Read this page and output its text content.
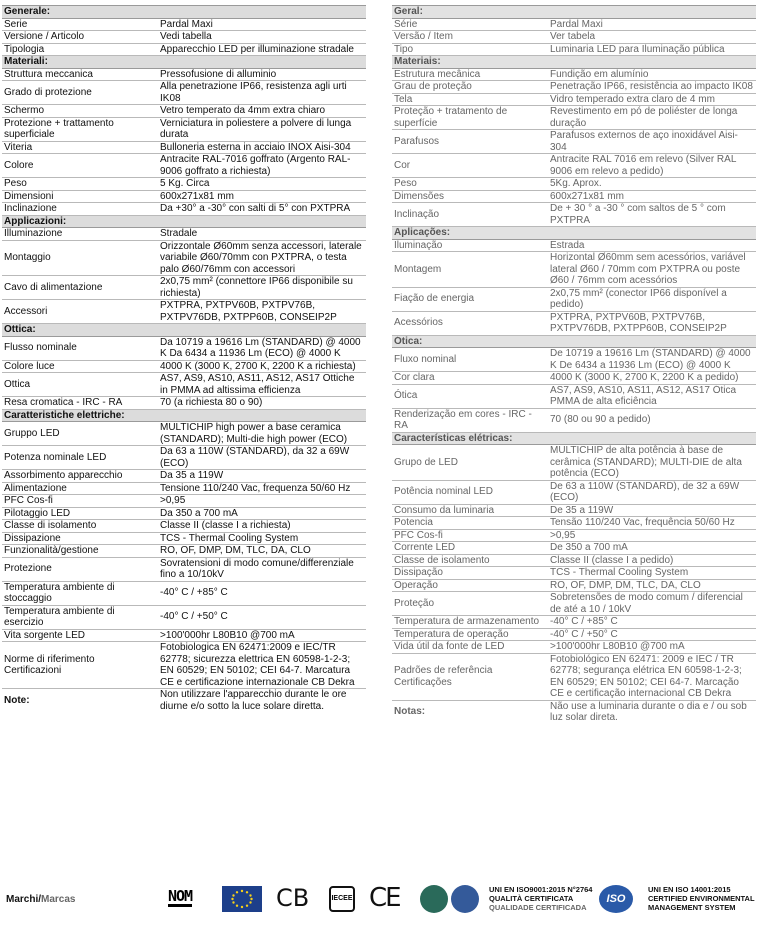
Generale:	
Serie	Pardal Maxi
Versione / Articolo	Vedi tabella
Tipologia	Apparecchio LED per illuminazione stradale
Materiali:	
Struttura meccanica	Pressofusione di alluminio
Grado di protezione	Alla penetrazione IP66, resistenza agli urti IK08
Schermo	Vetro temperato da 4mm extra chiaro
Protezione + trattamento superficiale	Verniciatura in poliestere a polvere di lunga durata
Viteria	Bulloneria esterna in acciaio INOX Aisi-304
Colore	Antracite RAL-7016 goffrato (Argento RAL-9006 goffrato a richiesta)
Peso	5 Kg. Circa
Dimensioni	600x271x81 mm
Inclinazione	Da +30° a -30° con salti di 5° con PXTPRA
Applicazioni:	
Illuminazione	Stradale
Montaggio	Orizzontale Ø60mm senza accessori, laterale variabile Ø60/70mm con PXTPRA, o testa palo Ø60/76mm con accessori
Cavo di alimentazione	2x0,75 mm² (connettore IP66 disponibile su richiesta)
Accessori	PXTPRA, PXTPV60B, PXTPV76B, PXTPV76DB, PXTPP60B, CONSEIP2P
Ottica:	
Flusso nominale	Da 10719 a 19616 Lm (STANDARD) @ 4000 K Da 6434 a 11936 Lm (ECO) @ 4000 K
Colore luce	4000 K (3000 K, 2700 K, 2200 K a richiesta)
Ottica	AS7, AS9, AS10, AS11, AS12, AS17 Ottiche in PMMA ad altissima efficienza
Resa cromatica - IRC - RA	70 (a richiesta 80 o 90)
Caratteristiche elettriche:	
Gruppo LED	MULTICHIP high power a base ceramica (STANDARD); Multi-die high power (ECO)
Potenza nominale LED	Da 63 a 110W (STANDARD), da 32 a 69W (ECO)
Assorbimento apparecchio	Da 35 a 119W
Alimentazione	Tensione 110/240 Vac, frequenza 50/60 Hz
PFC Cos-fi	>0,95
Pilotaggio LED	Da 350 a 700 mA
Classe di isolamento	Classe II (classe I a richiesta)
Dissipazione	TCS - Thermal Cooling System
Funzionalità/gestione	RO, OF, DMP, DM, TLC, DA, CLO
Protezione	Sovratensioni di modo comune/differenziale fino a 10/10kV
Temperatura ambiente di stoccaggio	-40° C / +85° C
Temperatura ambiente di esercizio	-40° C / +50° C
Vita sorgente LED	>100'000hr L80B10 @700 mA
Norme di riferimento Certificazioni	Fotobiologica EN 62471:2009 e IEC/TR 62778; sicurezza elettrica EN 60598-1-2-3; EN 60529; EN 50102; CEI 64-7. Marcatura CE e certificazione internazionale CB Dekra
Note:	Non utilizzare l'apparecchio durante le ore diurne e/o sotto la luce solare diretta.
Geral:	
Série	Pardal Maxi
Versão / Item	Ver tabela
Tipo	Luminaria LED para Iluminação pública
Materiais:	
Estrutura mecânica	Fundição em alumínio
Grau de proteção	Penetração IP66, resistência ao impacto IK08
Tela	Vidro temperado extra claro de 4 mm
Proteção + tratamento de superfície	Revestimento em pó de poliéster de longa duração
Parafusos	Parafusos externos de aço inoxidável Aisi-304
Cor	Antracite RAL 7016 em relevo (Silver RAL 9006 em relevo a pedido)
Peso	5Kg. Aprox.
Dimensões	600x271x81 mm
Inclinação	De + 30 ° a -30 ° com saltos de 5 ° com PXTPRA
Aplicações:	
Iluminação	Estrada
Montagem	Horizontal Ø60mm sem acessórios, variável lateral Ø60 / 70mm com PXTPRA ou poste Ø60 / 76mm com acessórios
Fiação de energia	2x0,75 mm² (conector IP66 disponível a pedido)
Acessórios	PXTPRA, PXTPV60B, PXTPV76B, PXTPV76DB, PXTPP60B, CONSEIP2P
Ótica:	
Fluxo nominal	De 10719 a 19616 Lm (STANDARD) @ 4000 K De 6434 a 11936 Lm (ECO) @ 4000 K
Cor clara	4000 K (3000 K, 2700 K, 2200 K a pedido)
Ótica	AS7, AS9, AS10, AS11, AS12, AS17 Ótica PMMA de alta eficiência
Renderização em cores - IRC - RA	70 (80 ou 90 a pedido)
Características elétricas:	
Grupo de LED	MULTICHIP de alta potência à base de cerâmica (STANDARD); MULTI-DIE de alta potência (ECO)
Potência nominal LED	De 63 a 110W (STANDARD), de 32 a 69W (ECO)
Consumo da luminaria	De 35 a 119W
Potencia	Tensão 110/240 Vac, frequência 50/60 Hz
PFC Cos-fi	>0,95
Corrente LED	De 350 a 700 mA
Classe de isolamento	Classe II (classe I a pedido)
Dissipação	TCS - Thermal Cooling System
Operação	RO, OF, DMP, DM, TLC, DA, CLO
Proteção	Sobretensões de modo comum / diferencial de até a 10 / 10kV
Temperatura de armazenamento	-40° C / +85° C
Temperatura de operação	-40° C / +50° C
Vida útil da fonte de LED	>100'000hr L80B10 @700 mA
Padrões de referência Certificações	Fotobiológico EN 62471: 2009 e IEC / TR 62778; segurança elétrica EN 60598-1-2-3; EN 60529; EN 50102; CEI 64-7. Marcação CE e certificação internacional CB Dekra
Notas:	Não use a luminaria durante o dia e / ou sob luz solar direta.
Marchi/Marcas	NOM	CB	IECEE CE	UNI EN ISO9001:2015 N°2764
QUALITÀ CERTIFICATA
QUALIDADE CERTIFICADA
ISO
UNI EN ISO 14001:2015
CERTIFIED ENVIRONMENTAL
MANAGEMENT SYSTEM
